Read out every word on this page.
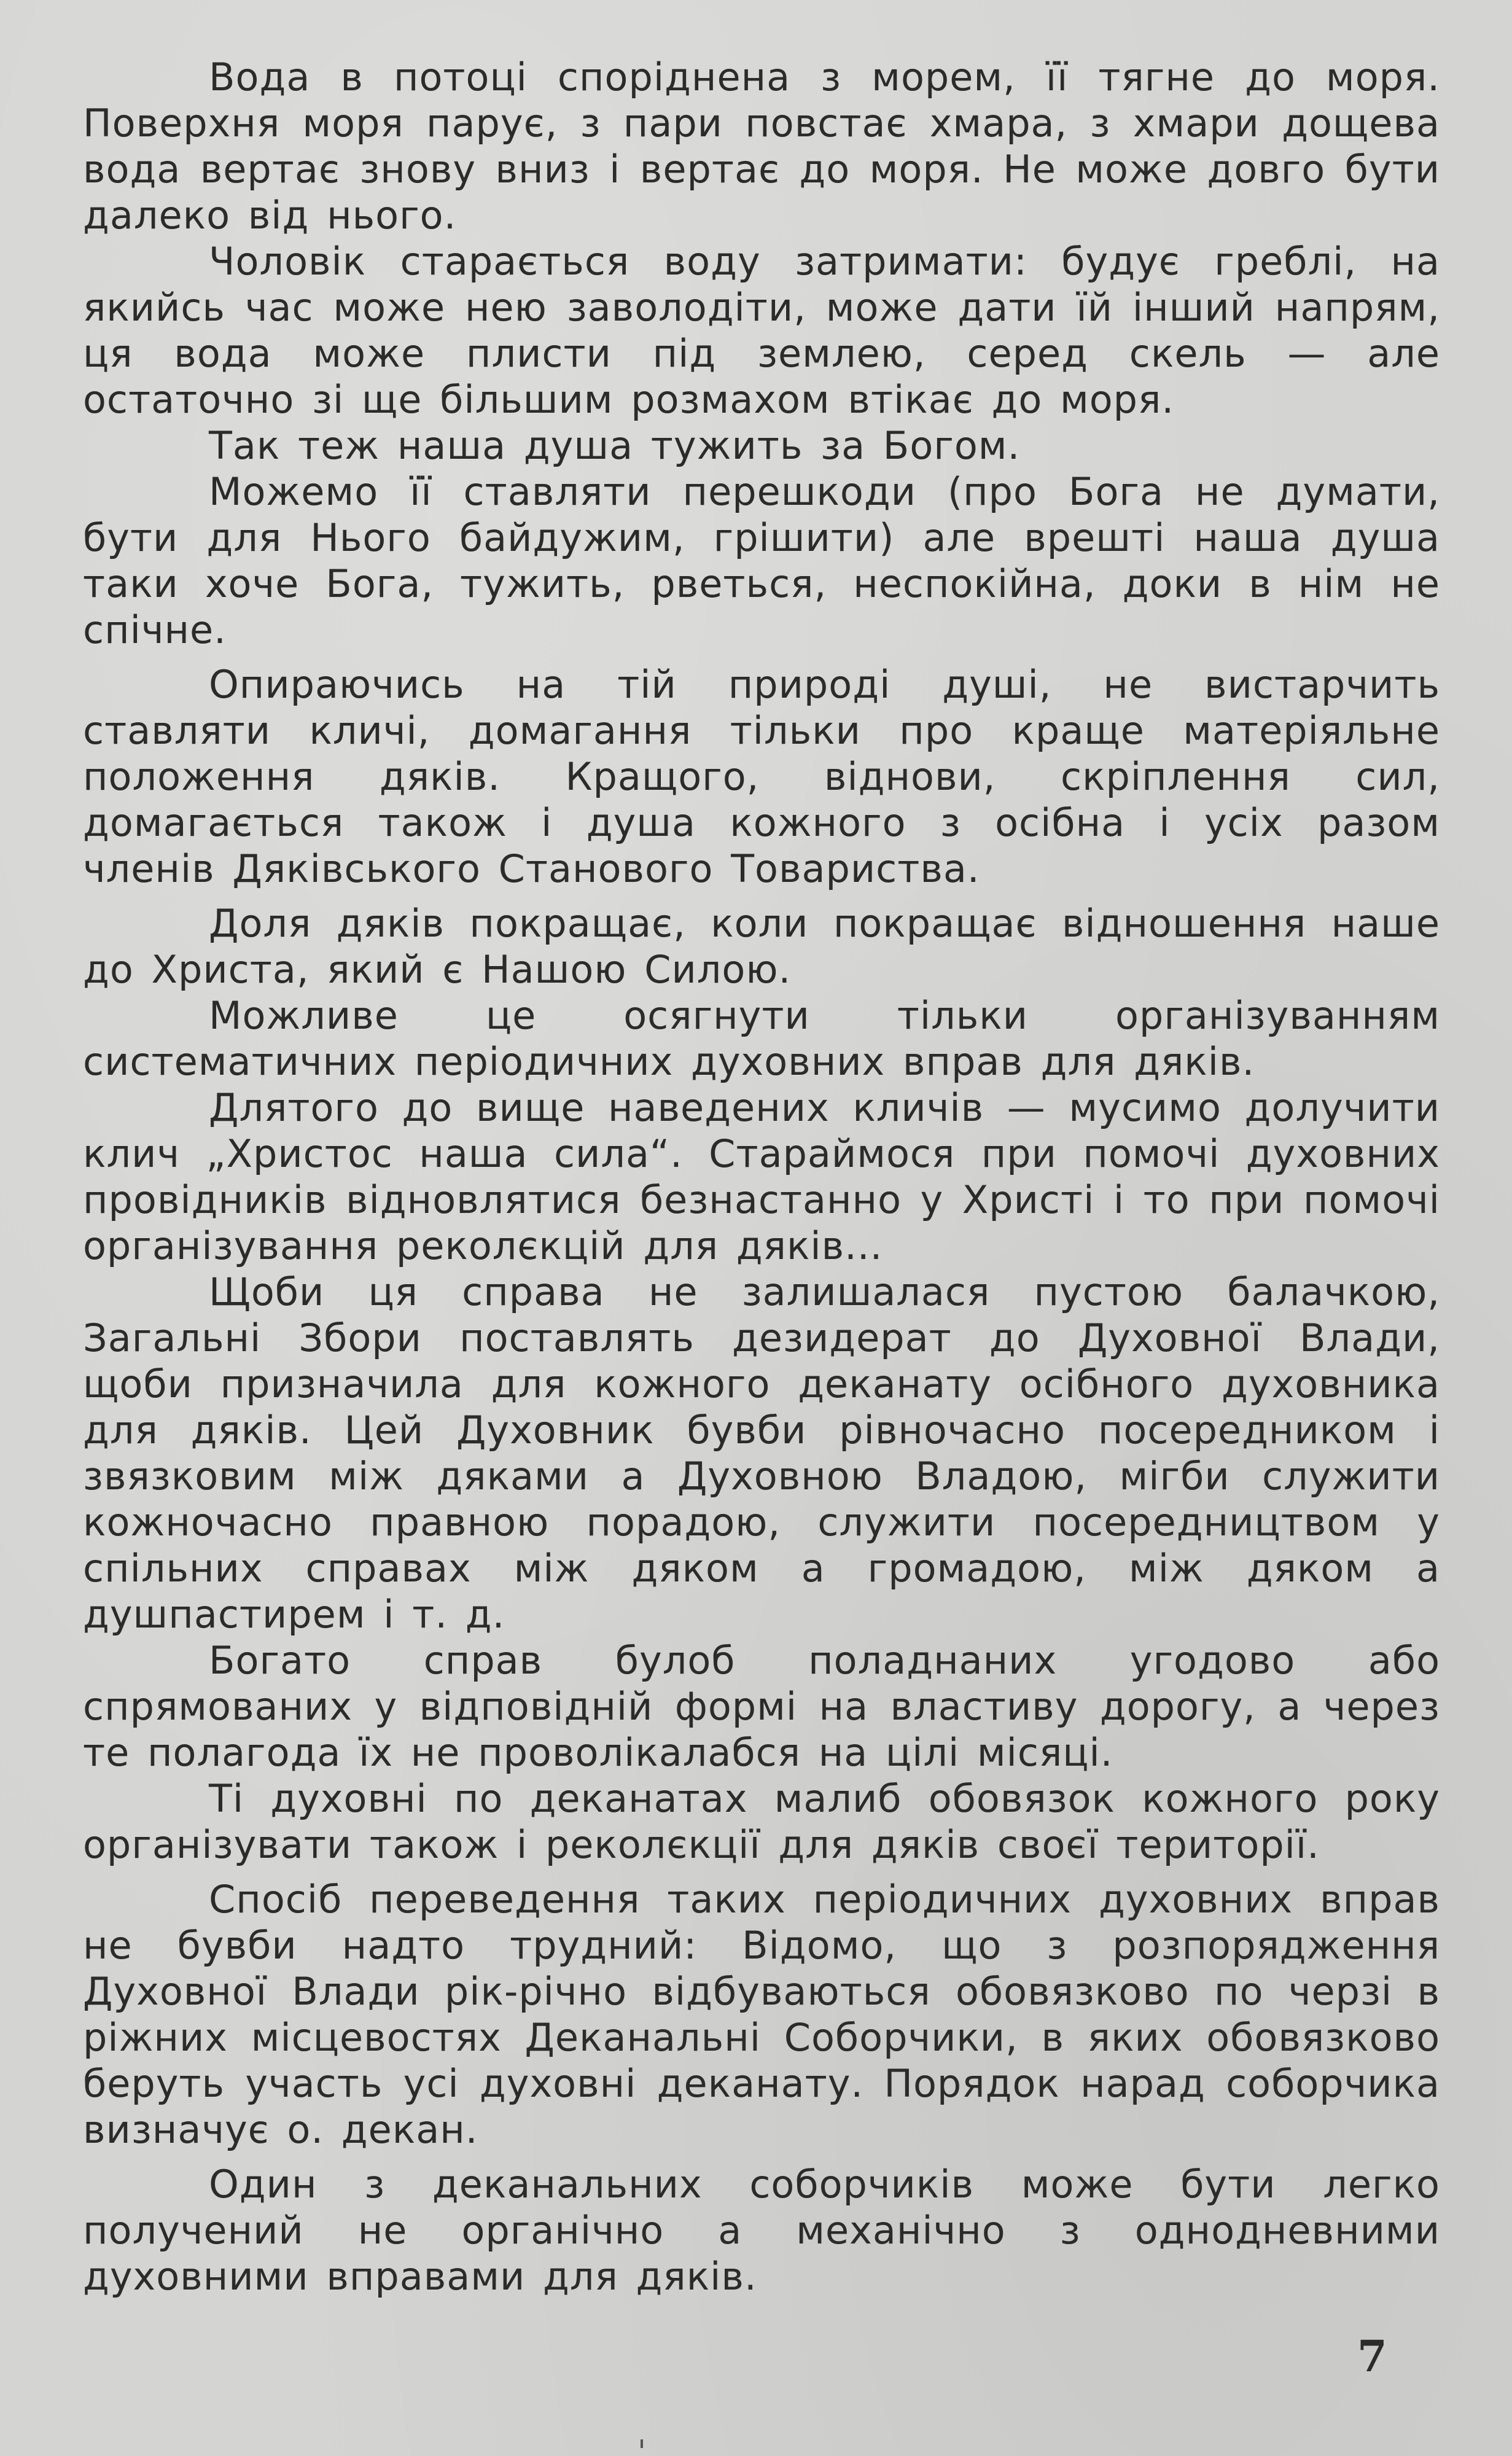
Вода в потоці споріднена з морем, її тягне до моря. Поверхня моря парує, з пари повстає хмара, з хмари дощева вода вертає знову вниз і вертає до моря. Не може довго бути далеко від нього.

Чоловік старається воду затримати: будує греблі, на якийсь час може нею заволодіти, може дати їй інший напрям, ця вода може плисти під землею, серед скель — але остаточно зі ще більшим розмахом втікає до моря.

Так теж наша душа тужить за Богом.

Можемо її ставляти перешкоди (про Бога не думати, бути для Нього байдужим, грішити) але врешті наша душа таки хоче Бога, тужить, рветься, неспокійна, доки в нім не спічне.

Опираючись на тій природі душі, не вистарчить ставляти кличі, домагання тільки про краще матеріяльне положення дяків. Кращого, віднови, скріплення сил, домагається також і душа кожного з осібна і усіх разом членів Дяківського Станового Товариства.

Доля дяків покращає, коли покращає відношення наше до Христа, який є Нашою Силою.

Можливе це осягнути тільки організуванням систематичних періодичних духовних вправ для дяків.

Длятого до вище наведених кличів — мусимо долучити клич „Христос наша сила“. Стараймося при помочі духовних провідників відновлятися безнастанно у Христі і то при помочі організування реколєкцій для дяків...

Щоби ця справа не залишалася пустою балачкою, Загальні Збори поставлять дезидерат до Духовної Влади, щоби призначила для кожного деканату осібного духовника для дяків. Цей Духовник бувби рівночасно посередником і звязковим між дяками а Духовною Владою, мігби служити кожночасно правною порадою, служити посередництвом у спільних справах між дяком а громадою, між дяком а душпастирем і т. д.

Богато справ булоб поладнаних угодово або спрямованих у відповідній формі на властиву дорогу, а через те полагода їх не проволікалабся на цілі місяці.

Ті духовні по деканатах малиб обовязок кожного року організувати також і реколєкції для дяків своєї території.

Спосіб переведення таких періодичних духовних вправ не бувби надто трудний: Відомо, що з розпорядження Духовної Влади рік-річно відбуваються обовязково по черзі в ріжних місцевостях Деканальні Соборчики, в яких обовязково беруть участь усі духовні деканату. Порядок нарад соборчика визначує о. декан.

Один з деканальних соборчиків може бути легко получений не органічно а механічно з однодневними духовними вправами для дяків.

7
